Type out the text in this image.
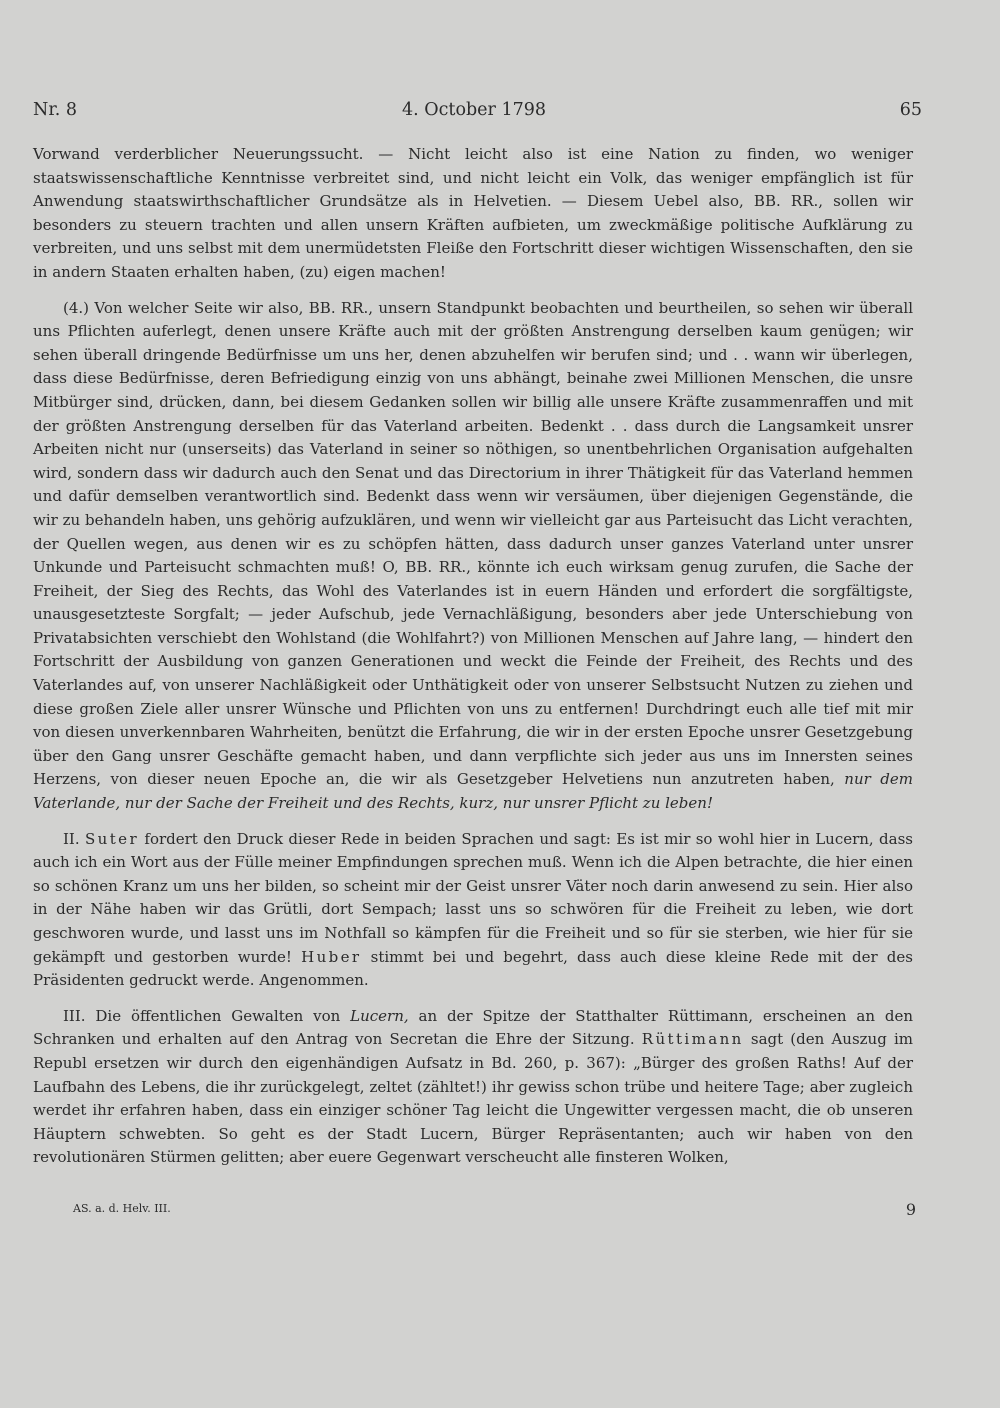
Nr. 8	4. October 1798	65

Vorwand verderblicher Neuerungssucht. — Nicht leicht also ist eine Nation zu finden, wo weniger staatswissenschaftliche Kenntnisse verbreitet sind, und nicht leicht ein Volk, das weniger empfänglich ist für Anwendung staatswirthschaftlicher Grundsätze als in Helvetien. — Diesem Uebel also, BB. RR., sollen wir besonders zu steuern trachten und allen unsern Kräften aufbieten, um zweckmäßige politische Aufklärung zu verbreiten, und uns selbst mit dem unermüdetsten Fleiße den Fortschritt dieser wichtigen Wissenschaften, den sie in andern Staaten erhalten haben, (zu) eigen machen!

(4.) Von welcher Seite wir also, BB. RR., unsern Standpunkt beobachten und beurtheilen, so sehen wir überall uns Pflichten auferlegt, denen unsere Kräfte auch mit der größten Anstrengung derselben kaum genügen; wir sehen überall dringende Bedürfnisse um uns her, denen abzuhelfen wir berufen sind; und . . wann wir überlegen, dass diese Bedürfnisse, deren Befriedigung einzig von uns abhängt, beinahe zwei Millionen Menschen, die unsre Mitbürger sind, drücken, dann, bei diesem Gedanken sollen wir billig alle unsere Kräfte zusammenraffen und mit der größten Anstrengung derselben für das Vaterland arbeiten. Bedenkt . . dass durch die Langsamkeit unsrer Arbeiten nicht nur (unserseits) das Vaterland in seiner so nöthigen, so unentbehrlichen Organisation aufgehalten wird, sondern dass wir dadurch auch den Senat und das Directorium in ihrer Thätigkeit für das Vaterland hemmen und dafür demselben verantwortlich sind. Bedenkt dass wenn wir versäumen, über diejenigen Gegenstände, die wir zu behandeln haben, uns gehörig aufzuklären, und wenn wir vielleicht gar aus Parteisucht das Licht verachten, der Quellen wegen, aus denen wir es zu schöpfen hätten, dass dadurch unser ganzes Vaterland unter unsrer Unkunde und Parteisucht schmachten muß! O, BB. RR., könnte ich euch wirksam genug zurufen, die Sache der Freiheit, der Sieg des Rechts, das Wohl des Vaterlandes ist in euern Händen und erfordert die sorgfältigste, unausgesetzteste Sorgfalt; — jeder Aufschub, jede Vernachläßigung, besonders aber jede Unterschiebung von Privatabsichten verschiebt den Wohlstand (die Wohlfahrt?) von Millionen Menschen auf Jahre lang, — hindert den Fortschritt der Ausbildung von ganzen Generationen und weckt die Feinde der Freiheit, des Rechts und des Vaterlandes auf, von unserer Nachläßigkeit oder Unthätigkeit oder von unserer Selbstsucht Nutzen zu ziehen und diese großen Ziele aller unsrer Wünsche und Pflichten von uns zu entfernen! Durchdringt euch alle tief mit mir von diesen unverkennbaren Wahrheiten, benützt die Erfahrung, die wir in der ersten Epoche unsrer Gesetzgebung über den Gang unsrer Geschäfte gemacht haben, und dann verpflichte sich jeder aus uns im Innersten seines Herzens, von dieser neuen Epoche an, die wir als Gesetzgeber Helvetiens nun anzutreten haben, nur dem Vaterlande, nur der Sache der Freiheit und des Rechts, kurz, nur unsrer Pflicht zu leben!

II. Suter fordert den Druck dieser Rede in beiden Sprachen und sagt: Es ist mir so wohl hier in Lucern, dass auch ich ein Wort aus der Fülle meiner Empfindungen sprechen muß. Wenn ich die Alpen betrachte, die hier einen so schönen Kranz um uns her bilden, so scheint mir der Geist unsrer Väter noch darin anwesend zu sein. Hier also in der Nähe haben wir das Grütli, dort Sempach; lasst uns so schwören für die Freiheit zu leben, wie dort geschworen wurde, und lasst uns im Nothfall so kämpfen für die Freiheit und so für sie sterben, wie hier für sie gekämpft und gestorben wurde! Huber stimmt bei und begehrt, dass auch diese kleine Rede mit der des Präsidenten gedruckt werde. Angenommen.

III. Die öffentlichen Gewalten von Lucern, an der Spitze der Statthalter Rüttimann, erscheinen an den Schranken und erhalten auf den Antrag von Secretan die Ehre der Sitzung. Rüttimann sagt (den Auszug im Republ ersetzen wir durch den eigenhändigen Aufsatz in Bd. 260, p. 367): „Bürger des großen Raths! Auf der Laufbahn des Lebens, die ihr zurückgelegt, zeltet (zähltet!) ihr gewiss schon trübe und heitere Tage; aber zugleich werdet ihr erfahren haben, dass ein einziger schöner Tag leicht die Ungewitter vergessen macht, die ob unseren Häuptern schwebten. So geht es der Stadt Lucern, Bürger Repräsentanten; auch wir haben von den revolutionären Stürmen gelitten; aber euere Gegenwart verscheucht alle finsteren Wolken,

AS. a. d. Helv. III.	9
